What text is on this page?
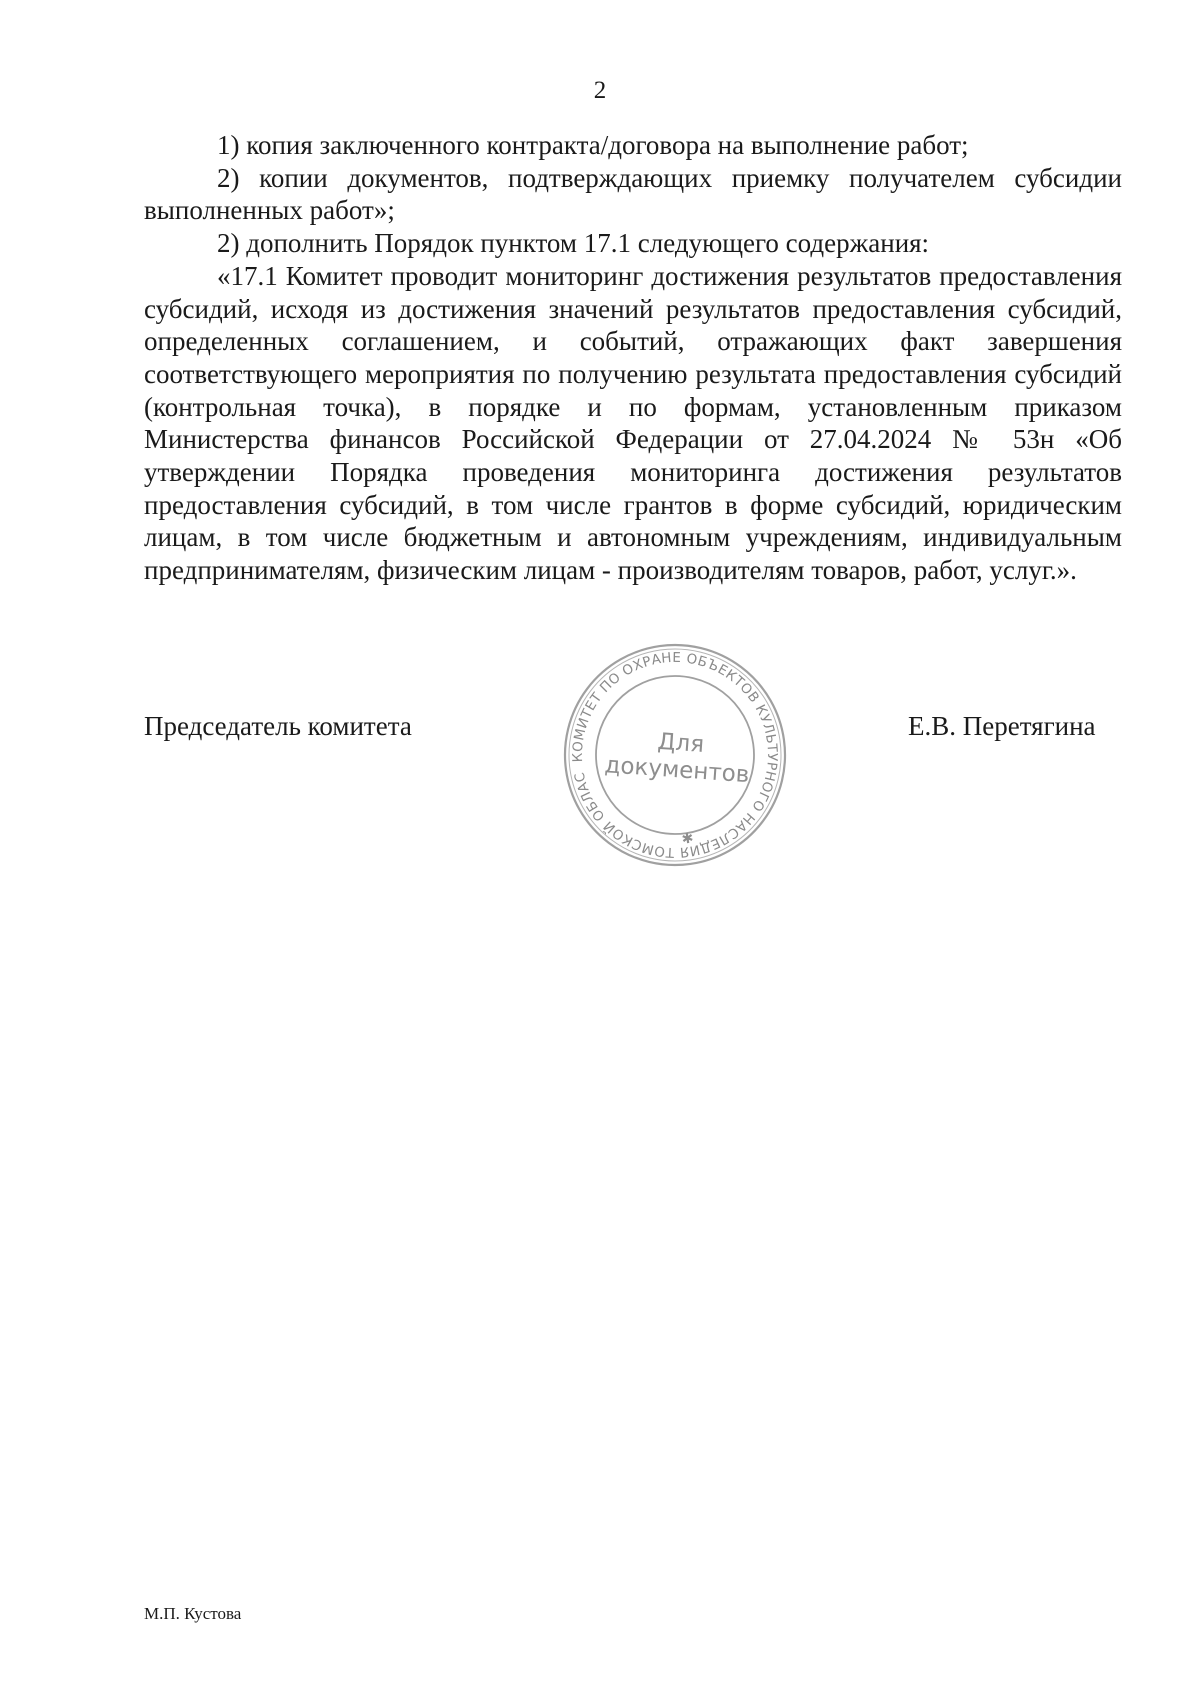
2

1) копия заключенного контракта/договора на выполнение работ;

2) копии документов, подтверждающих приемку получателем субсидии выполненных работ»;

2) дополнить Порядок пунктом 17.1 следующего содержания:

«17.1 Комитет проводит мониторинг достижения результатов предоставления субсидий, исходя из достижения значений результатов предоставления субсидий, определенных соглашением, и событий, отражающих факт завершения соответствующего мероприятия по получению результата предоставления субсидий (контрольная точка), в порядке и по формам, установленным приказом Министерства финансов Российской Федерации от 27.04.2024 № 53н «Об утверждении Порядка проведения мониторинга достижения результатов предоставления субсидий, в том числе грантов в форме субсидий, юридическим лицам, в том числе бюджетным и автономным учреждениям, индивидуальным предпринимателям, физическим лицам - производителям товаров, работ, услуг.».

Председатель комитета
КОМИТЕТ ПО ОХРАНЕ ОБЪЕКТОВ КУЛЬТУРНОГО НАСЛЕДИЯ ТОМСКОЙ ОБЛАСТИ
✱
Для
документов
Е.В. Перетягина
М.П. Кустова
